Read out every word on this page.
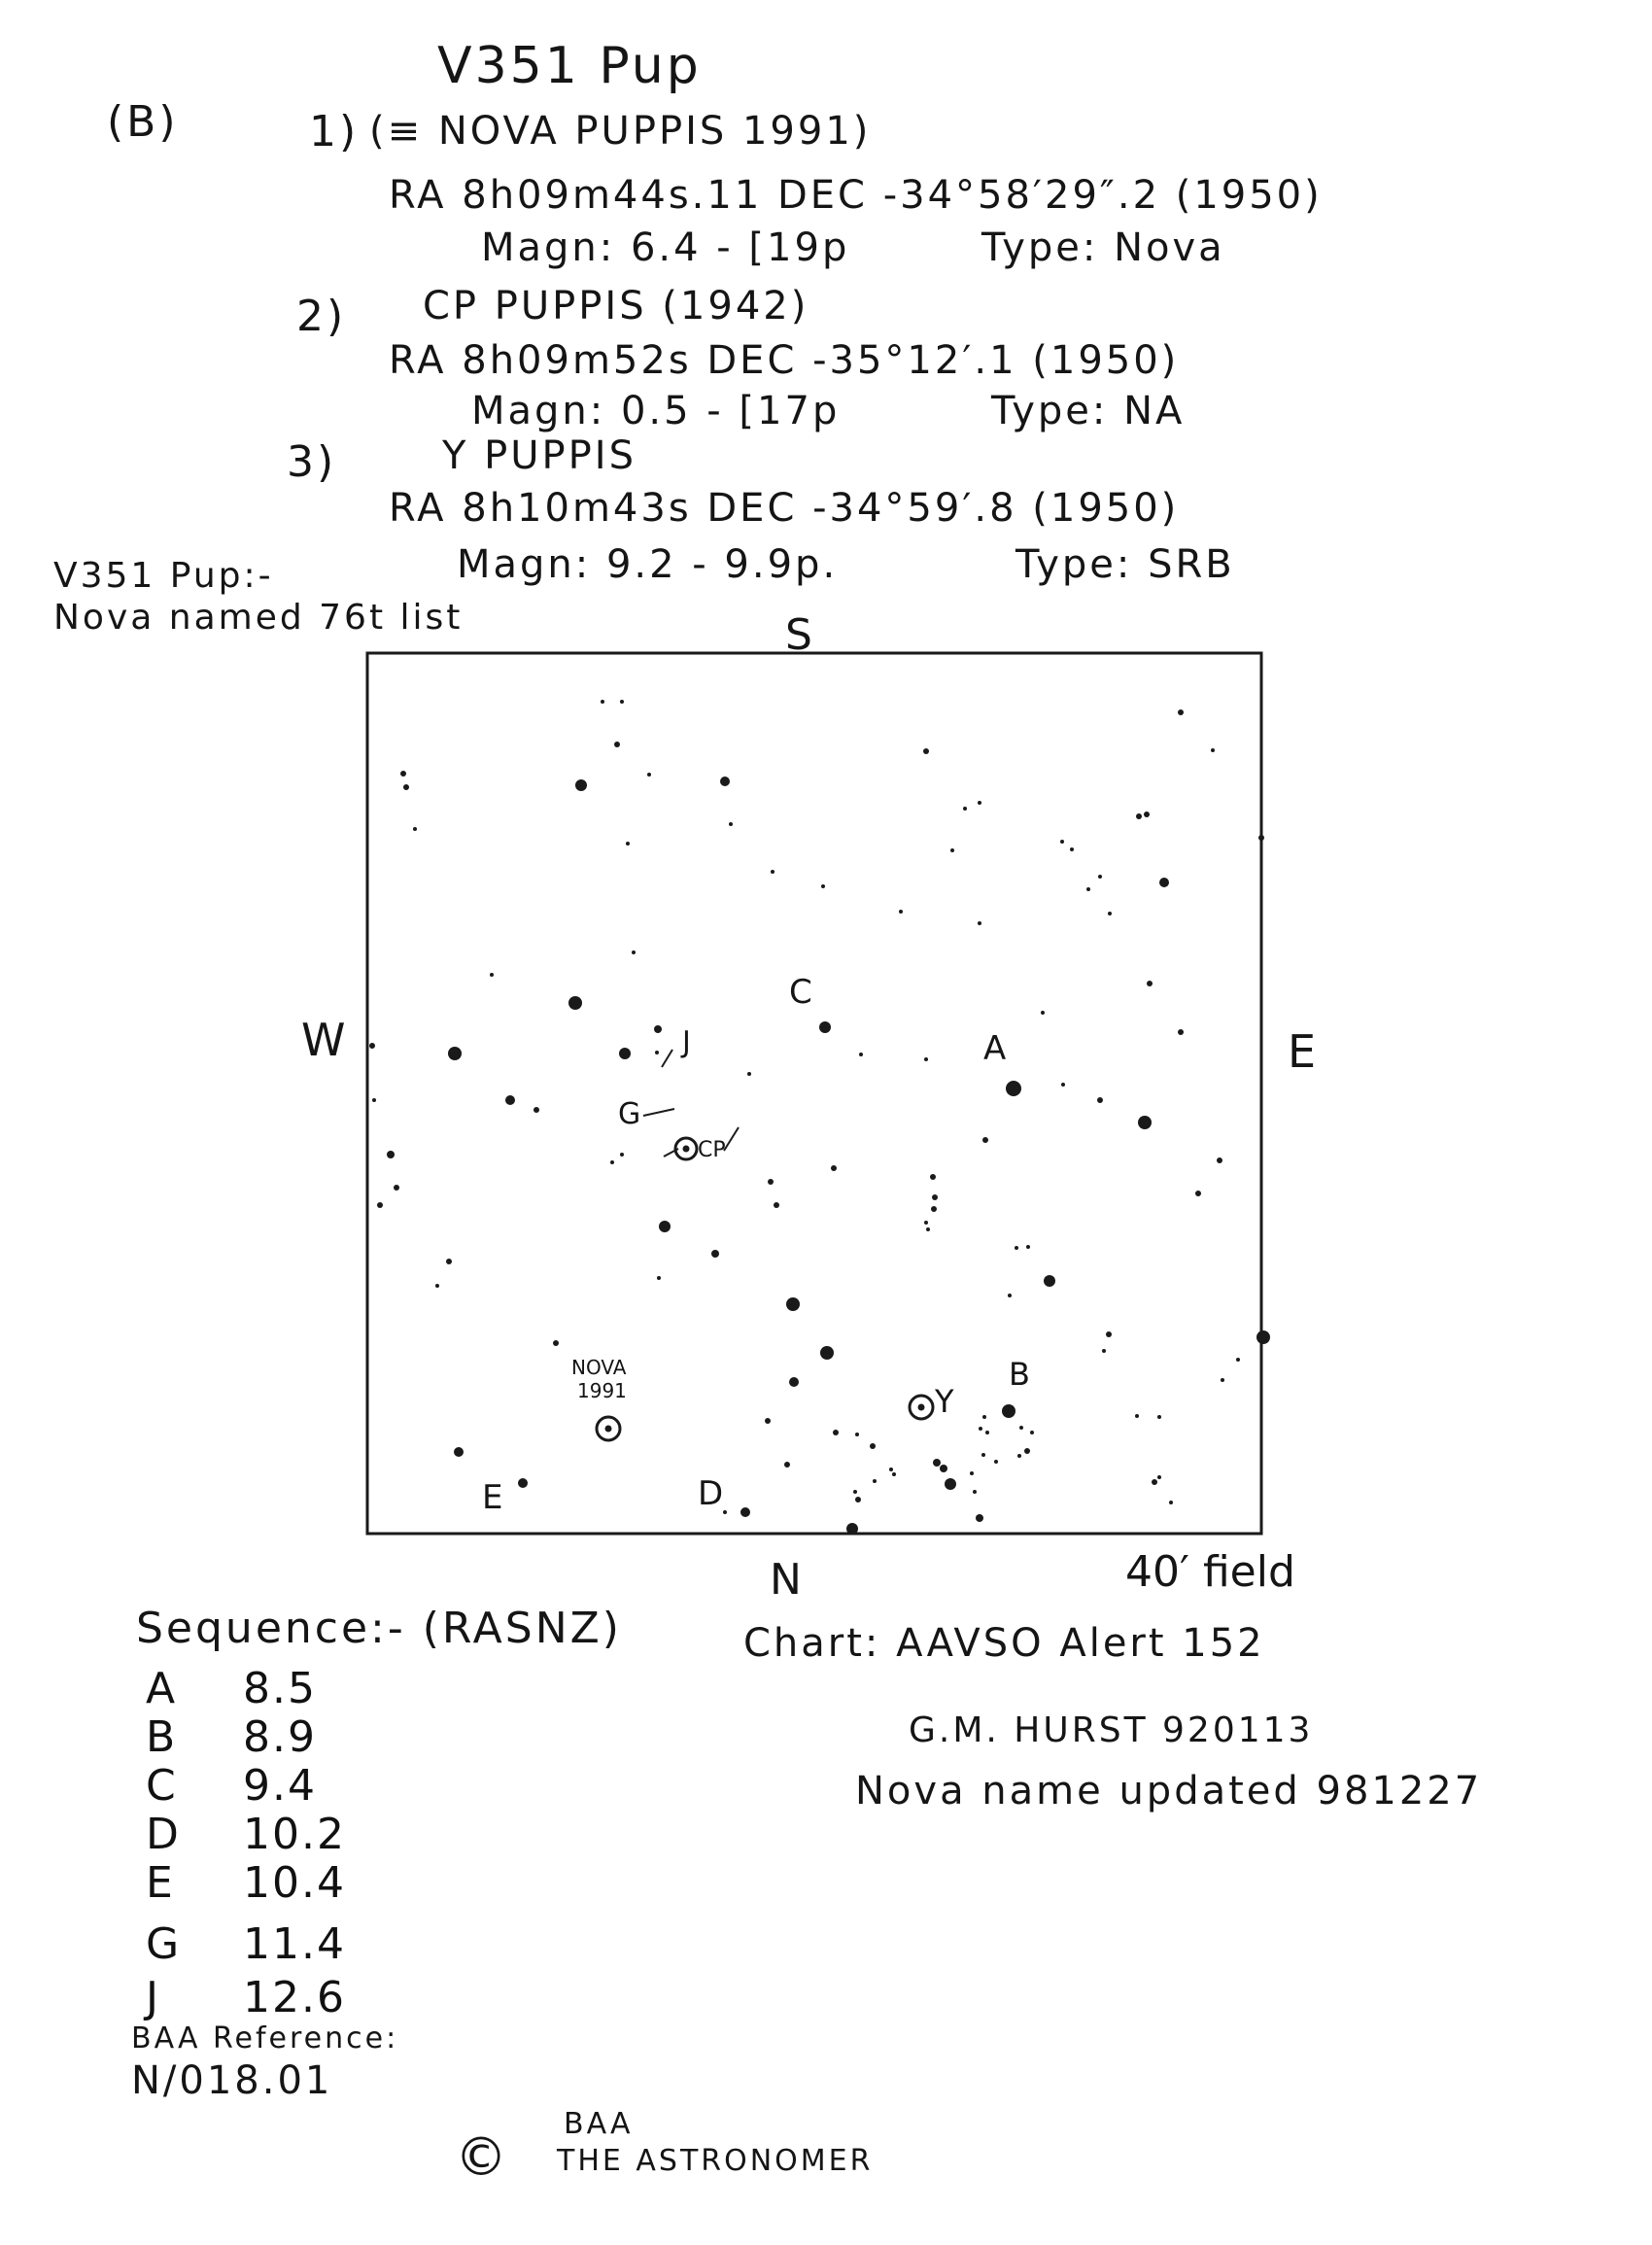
V351 Pup
(B)	1) (≡ NOVA PUPPIS 1991)
RA 8h09m44s.11 DEC -34°58′29″.2 (1950)
Magn: 6.4 - [19p	Type: Nova
2) CP PUPPIS (1942)
RA 8h09m52s DEC -35°12′.1 (1950)
Magn: 0.5 - [17p	Type: NA
3)	Y PUPPIS
RA 8h10m43s DEC -34°59′.8 (1950)
Magn: 9.2 - 9.9p.	Type: SRB
V351 Pup:-
Nova named 76t list	S
N
W	E
40′ field
C
A
J
G
CP
B
Y
D
E
NOVA
1991
Sequence:- (RASNZ)
A 8.5
B 8.9
C 9.4
D 10.2
E 10.4
G 11.4
J 12.6
BAA Reference:
N/018.01
Chart: AAVSO Alert 152
G.M. HURST 920113
Nova name updated 981227
©
BAA
THE ASTRONOMER
